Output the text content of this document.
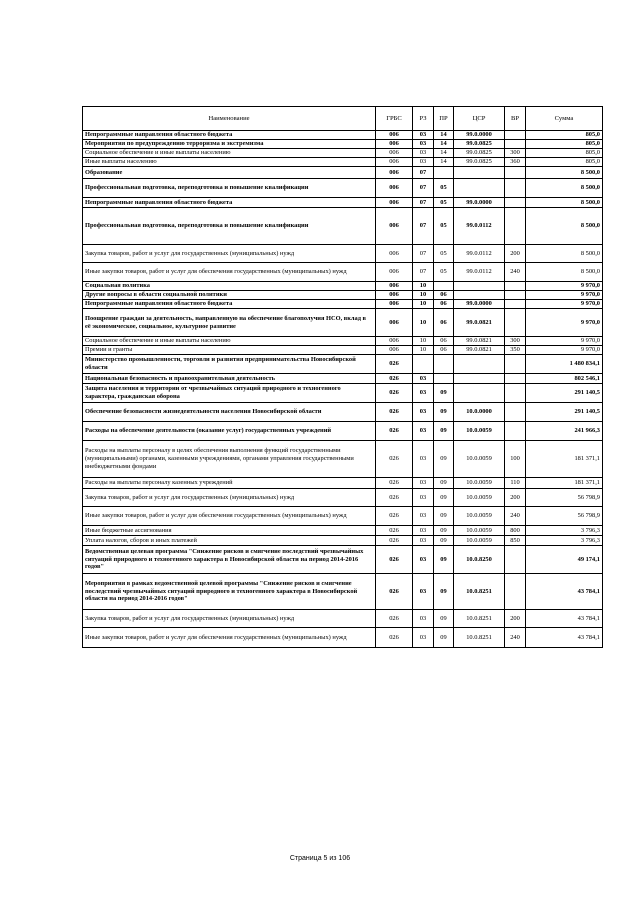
Наименование	ГРБС	РЗ	ПР	ЦСР	ВР	Сумма
Непрограммные направления областного бюджета	006	03	14	99.0.0000		805,0
Мероприятия по предупреждению терроризма и экстремизма	006	03	14	99.0.0825		805,0
Социальное обеспечение и иные выплаты населению	006	03	14	99.0.0825	300	805,0
Иные выплаты населению	006	03	14	99.0.0825	360	805,0
Образование	006	07				8 500,0
Профессиональная подготовка, переподготовка и повышение квалификации	006	07	05			8 500,0
Непрограммные направления областного бюджета	006	07	05	99.0.0000		8 500,0
Профессиональная подготовка, переподготовка и повышение квалификации	006	07	05	99.0.0112		8 500,0
Закупка товаров, работ и услуг для государственных (муниципальных) нужд	006	07	05	99.0.0112	200	8 500,0
Иные закупки товаров, работ и услуг для обеспечения государственных (муниципальных) нужд	006	07	05	99.0.0112	240	8 500,0
Социальная политика	006	10				9 970,0
Другие вопросы в области социальной политики	006	10	06			9 970,0
Непрограммные направления областного бюджета	006	10	06	99.0.0000		9 970,0
Поощрение граждан за деятельность, направленную на обеспечение благополучия НСО, вклад в её экономическое, социальное, культурное развитие	006	10	06	99.0.0821		9 970,0
Социальное обеспечение и иные выплаты населению	006	10	06	99.0.0821	300	9 970,0
Премии и гранты	006	10	06	99.0.0821	350	9 970,0
Министерство промышленности, торговли и развития предпринимательства Новосибирской области	026					1 480 834,1
Национальная безопасность и правоохранительная деятельность	026	03				802 546,1
Защита населения и территории от чрезвычайных ситуаций природного и техногенного характера, гражданская оборона	026	03	09			291 140,5
Обеспечение безопасности жизнедеятельности населения Новосибирской области	026	03	09	10.0.0000		291 140,5
Расходы на обеспечение деятельности (оказание услуг) государственных учреждений	026	03	09	10.0.0059		241 966,3
Расходы на выплаты персоналу в целях обеспечения выполнения функций государственными (муниципальными) органами, казенными учреждениями, органами управления государственными внебюджетными фондами	026	03	09	10.0.0059	100	181 371,1
Расходы на выплаты персоналу казенных учреждений	026	03	09	10.0.0059	110	181 371,1
Закупка товаров, работ и услуг для государственных (муниципальных) нужд	026	03	09	10.0.0059	200	56 798,9
Иные закупки товаров, работ и услуг для обеспечения государственных (муниципальных) нужд	026	03	09	10.0.0059	240	56 798,9
Иные бюджетные ассигнования	026	03	09	10.0.0059	800	3 796,3
Уплата налогов, сборов и иных платежей	026	03	09	10.0.0059	850	3 796,3
Ведомственная целевая программа "Снижение рисков и смягчение последствий чрезвычайных ситуаций природного и техногенного характера в Новосибирской области на период 2014-2016 годов"	026	03	09	10.0.8250		49 174,1
Мероприятия в рамках ведомственной целевой программы "Снижение рисков и смягчение последствий чрезвычайных ситуаций природного и техногенного характера в Новосибирской области на период 2014-2016 годов"	026	03	09	10.0.8251		43 784,1
Закупка товаров, работ и услуг для государственных (муниципальных) нужд	026	03	09	10.0.8251	200	43 784,1
Иные закупки товаров, работ и услуг для обеспечения государственных (муниципальных) нужд	026	03	09	10.0.8251	240	43 784,1
Страница 5 из 106
